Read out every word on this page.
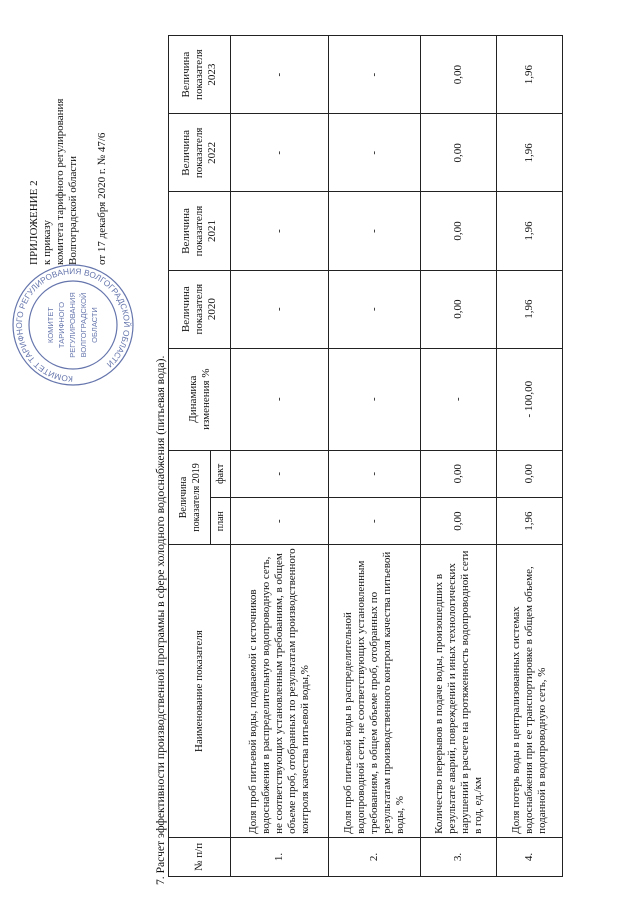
ПРИЛОЖЕНИЕ 2 к приказу комитета тарифного регулирования Волгоградской области от 17 декабря 2020 г. № 47/6
КОМИТЕТ ТАРИФНОГО РЕГУЛИРОВАНИЯ ВОЛГОГРАДСКОЙ ОБЛАСТИ
КОМИТЕТ ТАРИФНОГО РЕГУЛИРОВАНИЯ ВОЛГОГРАДСКОЙ ОБЛАСТИ
7. Расчет эффективности производственной программы в сфере холодного водоснабжения (питьевая вода). № п/п	Наименование показателя	Величина показателя 2019		Динамика изменения %	Величина показателя 2020	Величина показателя 2021	Величина показателя 2022	Величина показателя 2023
		план	факт					
1.	Доля проб питьевой воды, подаваемой с источников водоснабжения в распределительную водопроводную сеть, не соответствующих установленным требованиям, в общем объеме проб, отобранных по результатам производственного контроля качества питьевой воды,%	-	-	-	-	-	-	-
2.	Доля проб питьевой воды в распределительной водопроводной сети, не соответствующих установленным требованиям, в общем объеме проб, отобранных по результатам производственного контроля качества питьевой воды, %	-	-	-	-	-	-	-
3.	Количество перерывов в подаче воды, произошедших в результате аварий, повреждений и иных технологических нарушений в расчете на протяженность водопроводной сети в год, ед./км	0,00	0,00	-	0,00	0,00	0,00	0,00
4.	Доля потерь воды в централизованных системах водоснабжения при ее транспортировке в общем объеме, поданной в водопроводную сеть, %	1,96	0,00	- 100,00	1,96	1,96	1,96	1,96
